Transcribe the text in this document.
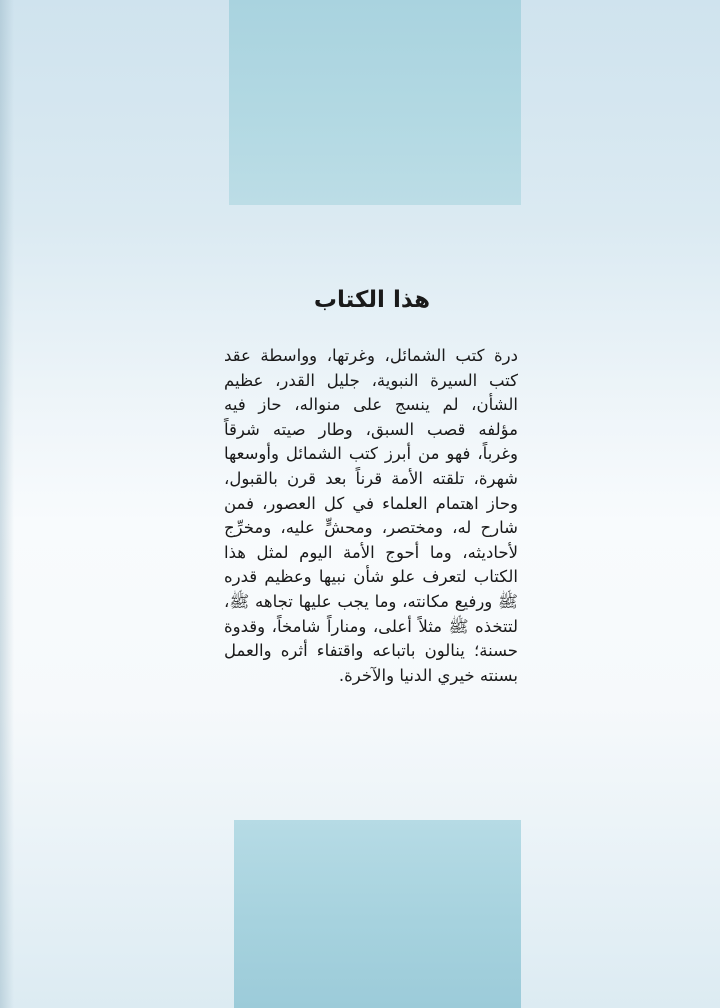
هذا الكتاب

درة كتب الشمائل، وغرتها، وواسطة عقد كتب السيرة النبوية، جليل القدر، عظيم الشأن، لم ينسج على منواله، حاز فيه مؤلفه قصب السبق، وطار صيته شرقاً وغرباً، فهو من أبرز كتب الشمائل وأوسعها شهرة، تلقته الأمة قرناً بعد قرن بالقبول، وحاز اهتمام العلماء في كل العصور، فمن شارح له، ومختصر، ومحشٍّ عليه، ومخرِّج لأحاديثه، وما أحوج الأمة اليوم لمثل هذا الكتاب لتعرف علو شأن نبيها وعظيم قدره ﷺ ورفيع مكانته، وما يجب عليها تجاهه ﷺ، لتتخذه ﷺ مثلاً أعلى، ومناراً شامخاً، وقدوة حسنة؛ ينالون باتباعه واقتفاء أثره والعمل بسنته خيري الدنيا والآخرة.
